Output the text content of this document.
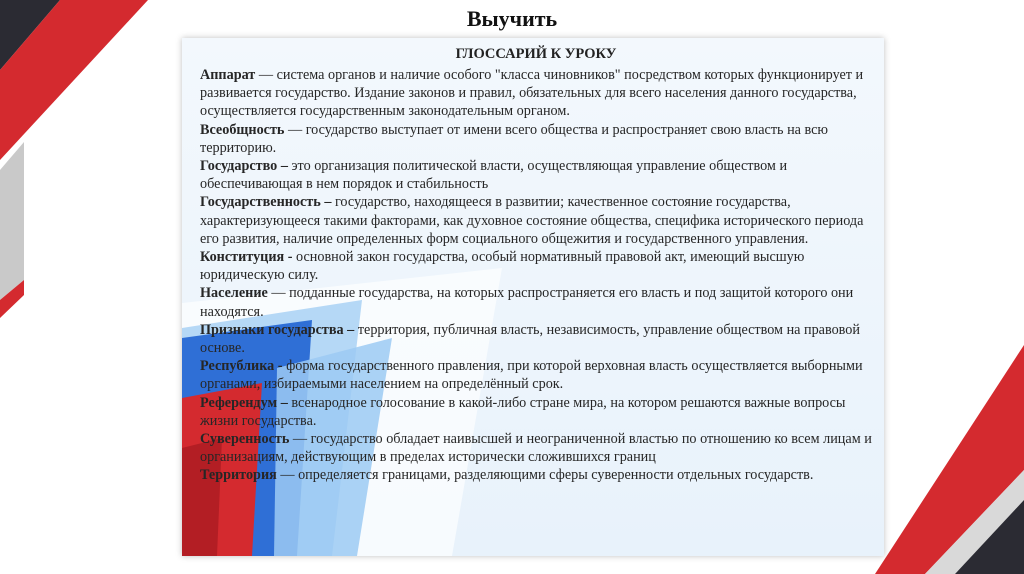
Выучить
ГЛОССАРИЙ К УРОКУ

Аппарат — система органов и наличие особого "класса чиновников" посредством которых функционирует и развивается государство. Издание законов и правил, обязательных для всего населения данного государства, осуществляется государственным законодательным органом.

Всеобщность — государство выступает от имени всего общества и распространяет свою власть на всю территорию.

Государство – это организация политической власти, осуществляющая управление обществом и обеспечивающая в нем порядок и стабильность

Государственность – государство, находящееся в развитии; качественное состояние государства, характеризующееся такими факторами, как духовное состояние общества, специфика исторического периода его развития, наличие определенных форм социального общежития и государственного управления.

Конституция - основной закон государства, особый нормативный правовой акт, имеющий высшую юридическую силу.

Население — подданные государства, на которых распространяется его власть и под защитой которого они находятся.

Признаки государства – территория, публичная власть, независимость, управление обществом на правовой основе.

Республика - форма государственного правления, при которой верховная власть осуществляется выборными органами, избираемыми населением на определённый срок.

Референдум – всенародное голосование в какой-либо стране мира, на котором решаются важные вопросы жизни государства.

Суверенность — государство обладает наивысшей и неограниченной властью по отношению ко всем лицам и организациям, действующим в пределах исторически сложившихся границ

Территория — определяется границами, разделяющими сферы суверенности отдельных государств.
